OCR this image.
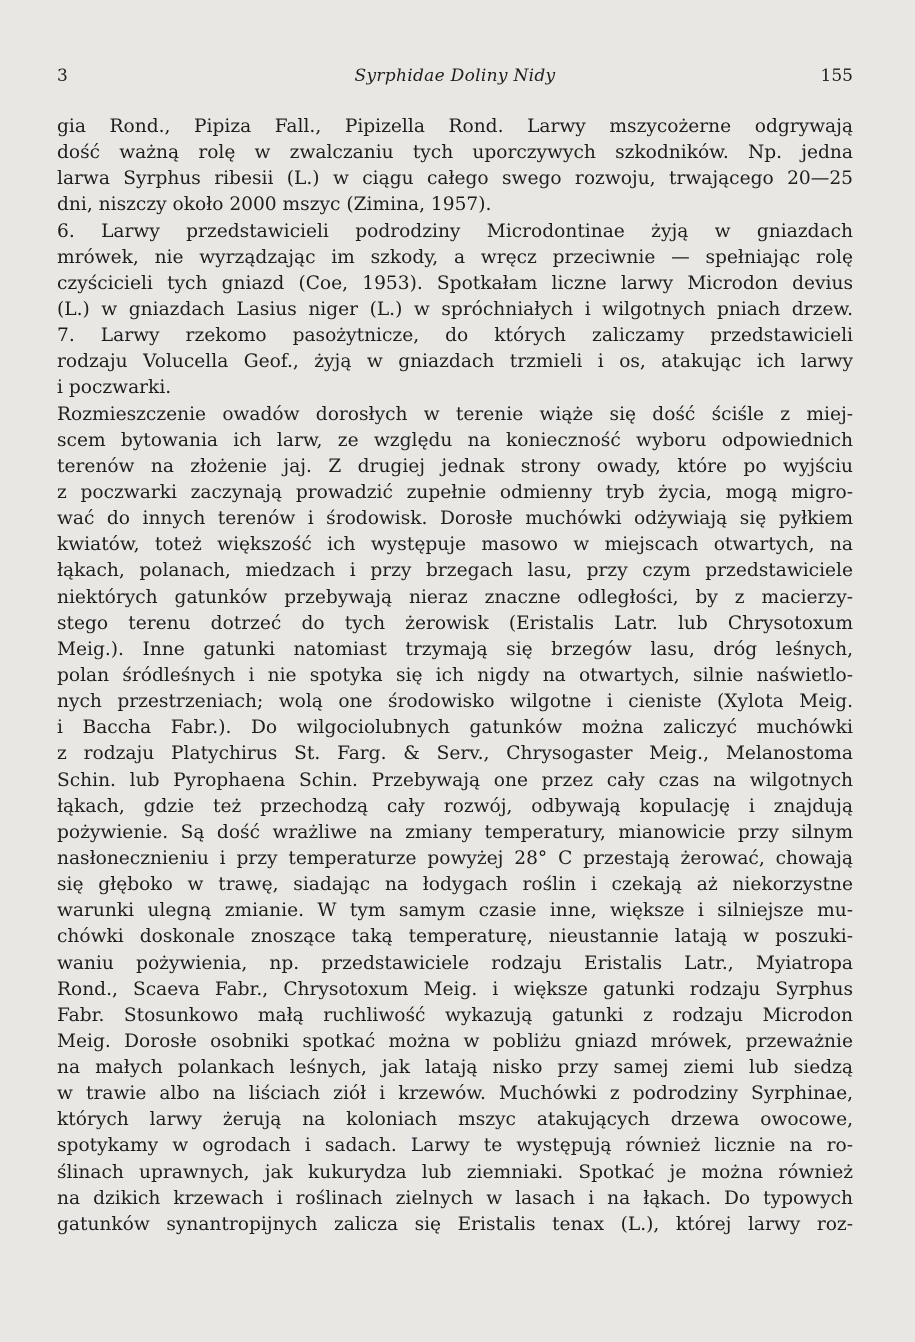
3	Syrphidae Doliny Nidy	155
gia Rond., Pipiza Fall., Pipizella Rond. Larwy mszycożerne odgrywają
dość ważną rolę w zwalczaniu tych uporczywych szkodników. Np. jedna
larwa Syrphus ribesii (L.) w ciągu całego swego rozwoju, trwającego 20—25
dni, niszczy około 2000 mszyc (Zimina, 1957).
6. Larwy przedstawicieli podrodziny Microdontinae żyją w gniazdach
mrówek, nie wyrządzając im szkody, a wręcz przeciwnie — spełniając rolę
czyścicieli tych gniazd (Coe, 1953). Spotkałam liczne larwy Microdon devius
(L.) w gniazdach Lasius niger (L.) w spróchniałych i wilgotnych pniach drzew.
7. Larwy rzekomo pasożytnicze, do których zaliczamy przedstawicieli
rodzaju Volucella Geof., żyją w gniazdach trzmieli i os, atakując ich larwy
i poczwarki.
Rozmieszczenie owadów dorosłych w terenie wiąże się dość ściśle z miej-
scem bytowania ich larw, ze względu na konieczność wyboru odpowiednich
terenów na złożenie jaj. Z drugiej jednak strony owady, które po wyjściu
z poczwarki zaczynają prowadzić zupełnie odmienny tryb życia, mogą migro-
wać do innych terenów i środowisk. Dorosłe muchówki odżywiają się pyłkiem
kwiatów, toteż większość ich występuje masowo w miejscach otwartych, na
łąkach, polanach, miedzach i przy brzegach lasu, przy czym przedstawiciele
niektórych gatunków przebywają nieraz znaczne odległości, by z macierzy-
stego terenu dotrzeć do tych żerowisk (Eristalis Latr. lub Chrysotoxum
Meig.). Inne gatunki natomiast trzymają się brzegów lasu, dróg leśnych,
polan śródleśnych i nie spotyka się ich nigdy na otwartych, silnie naświetlo-
nych przestrzeniach; wolą one środowisko wilgotne i cieniste (Xylota Meig.
i Baccha Fabr.). Do wilgociolubnych gatunków można zaliczyć muchówki
z rodzaju Platychirus St. Farg. & Serv., Chrysogaster Meig., Melanostoma
Schin. lub Pyrophaena Schin. Przebywają one przez cały czas na wilgotnych
łąkach, gdzie też przechodzą cały rozwój, odbywają kopulację i znajdują
pożywienie. Są dość wrażliwe na zmiany temperatury, mianowicie przy silnym
nasłonecznieniu i przy temperaturze powyżej 28° C przestają żerować, chowają
się głęboko w trawę, siadając na łodygach roślin i czekają aż niekorzystne
warunki ulegną zmianie. W tym samym czasie inne, większe i silniejsze mu-
chówki doskonale znoszące taką temperaturę, nieustannie latają w poszuki-
waniu pożywienia, np. przedstawiciele rodzaju Eristalis Latr., Myiatropa
Rond., Scaeva Fabr., Chrysotoxum Meig. i większe gatunki rodzaju Syrphus
Fabr. Stosunkowo małą ruchliwość wykazują gatunki z rodzaju Microdon
Meig. Dorosłe osobniki spotkać można w pobliżu gniazd mrówek, przeważnie
na małych polankach leśnych, jak latają nisko przy samej ziemi lub siedzą
w trawie albo na liściach ziół i krzewów. Muchówki z podrodziny Syrphinae,
których larwy żerują na koloniach mszyc atakujących drzewa owocowe,
spotykamy w ogrodach i sadach. Larwy te występują również licznie na ro-
ślinach uprawnych, jak kukurydza lub ziemniaki. Spotkać je można również
na dzikich krzewach i roślinach zielnych w lasach i na łąkach. Do typowych
gatunków synantropijnych zalicza się Eristalis tenax (L.), której larwy roz-
